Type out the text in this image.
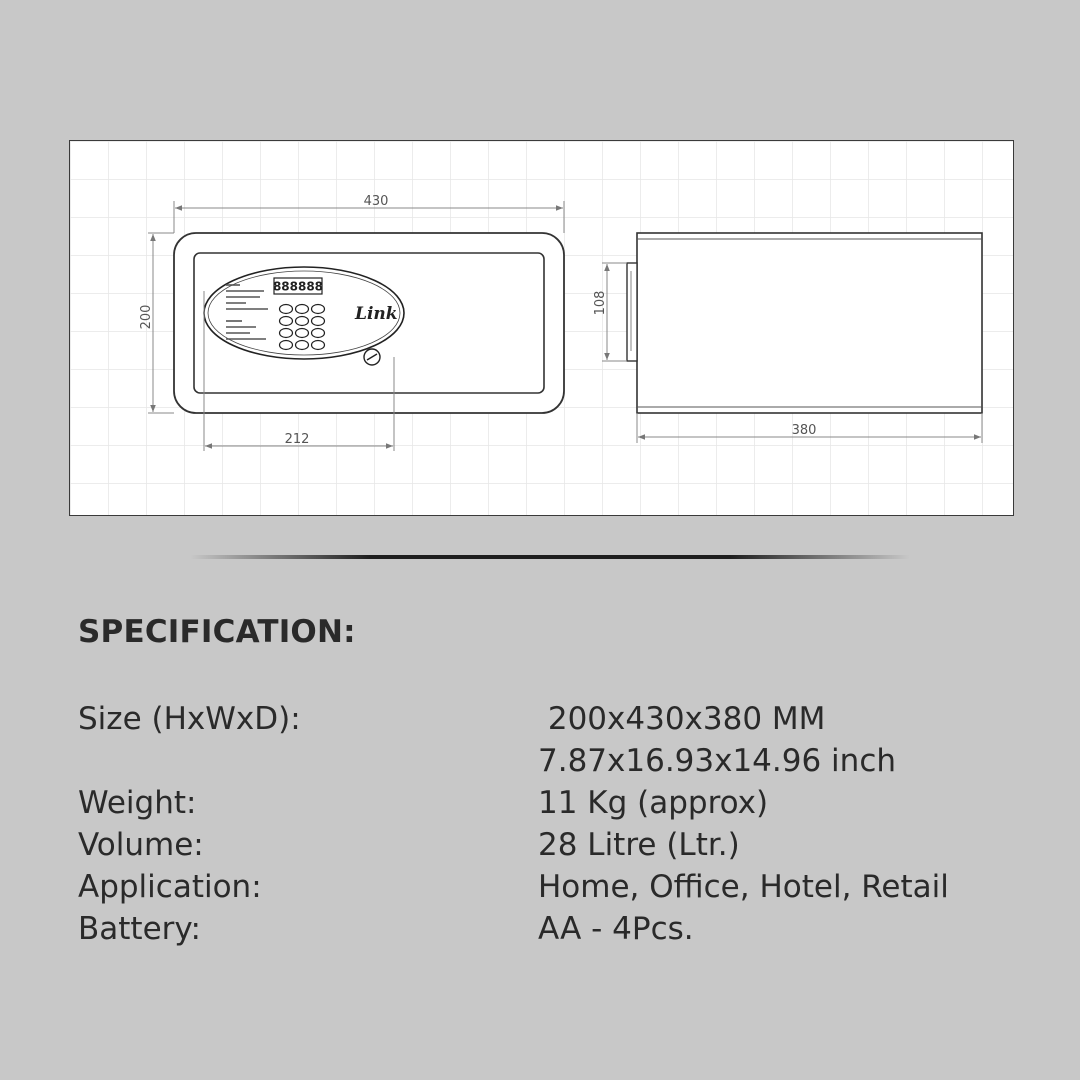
888888
Link
430
200
212
108
380
SPECIFICATION:
Size (HxWxD):	200x430x380 MM
7.87x16.93x14.96 inch
Weight:	11 Kg (approx)
Volume:	28 Litre (Ltr.)
Application:	Home, Office, Hotel, Retail
Battery:	AA - 4Pcs.
